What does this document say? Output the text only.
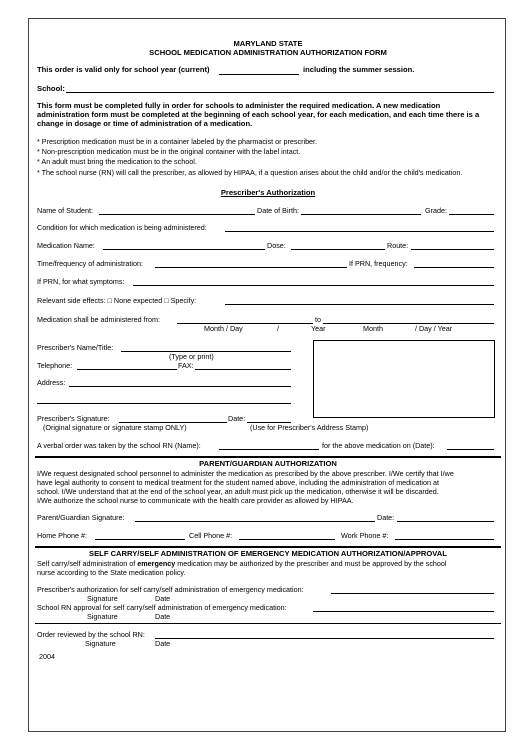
MARYLAND STATE
SCHOOL MEDICATION ADMINISTRATION AUTHORIZATION FORM
This order is valid only for school year (current)	including the summer session.
School:
This form must be completed fully in order for schools to administer the required medication. A new medication
administration form must be completed at the beginning of each school year, for each medication, and each time there is a
change in dosage or time of administration of a medication.
* Prescription medication must be in a container labeled by the pharmacist or prescriber.
* Non-prescription medication must be in the original container with the label intact.
* An adult must bring the medication to the school.
* The school nurse (RN) will call the prescriber, as allowed by HIPAA, if a question arises about the child and/or the child's medication.
Prescriber's Authorization
Name of Student:	Date of Birth:	Grade:
Condition for which medication is being administered:
Medication Name:	Dose:	Route:
Time/frequency of administration:	If PRN, frequency:
If PRN, for what symptoms:
Relevant side effects: □ None expected □ Specify:
Medication shall be administered from:	to
Month / Day	/	Year	Month	/ Day / Year
Prescriber's Name/Title:
(Type or print)
Telephone:	FAX:
Address:
Prescriber's Signature:	Date:
(Original signature or signature stamp ONLY)	(Use for Prescriber's Address Stamp)
A verbal order was taken by the school RN (Name):	for the above medication on (Date):
PARENT/GUARDIAN AUTHORIZATION
I/We request designated school personnel to administer the medication as prescribed by the above prescriber. I/We certify that I/we
have legal authority to consent to medical treatment for the student named above, including the administration of medication at
school. I/We understand that at the end of the school year, an adult must pick up the medication, otherwise it will be discarded.
I/We authorize the school nurse to communicate with the health care provider as allowed by HIPAA.
Parent/Guardian Signature:	Date:
Home Phone #:	Cell Phone #:	Work Phone #:
SELF CARRY/SELF ADMINISTRATION OF EMERGENCY MEDICATION AUTHORIZATION/APPROVAL
Self carry/self administration of emergency medication may be authorized by the prescriber and must be approved by the school
nurse according to the State medication policy.
Prescriber's authorization for self carry/self administration of emergency medication:
Signature	Date
School RN approval for self carry/self administration of emergency medication:
Signature	Date
Order reviewed by the school RN:
Signature	Date
2004
